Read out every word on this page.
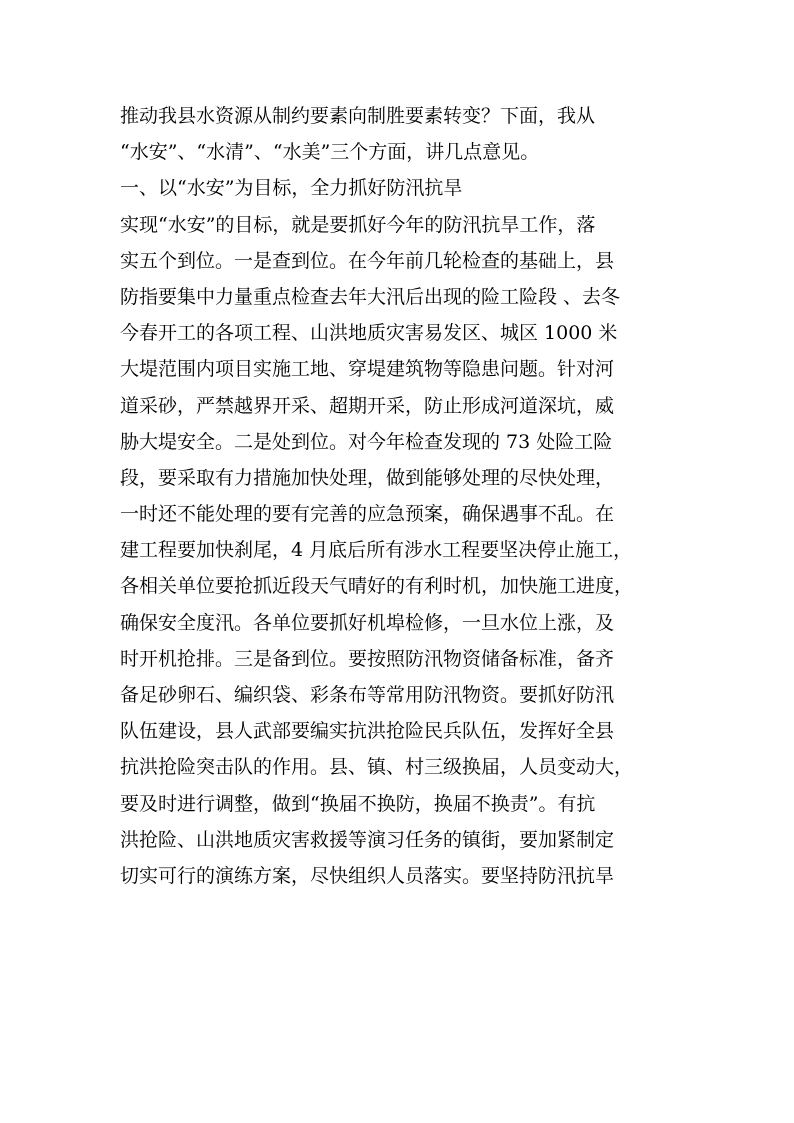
推动我县水资源从制约要素向制胜要素转变？下面，我从
“水安”、“水清”、“水美”三个方面，讲几点意见。
一、以“水安”为目标，全力抓好防汛抗旱
实现“水安”的目标，就是要抓好今年的防汛抗旱工作，落
实五个到位。一是查到位。在今年前几轮检查的基础上，县
防指要集中力量重点检查去年大汛后出现的险工险段 、去冬
今春开工的各项工程、山洪地质灾害易发区、城区 1000 米
大堤范围内项目实施工地、穿堤建筑物等隐患问题。针对河
道采砂，严禁越界开采、超期开采，防止形成河道深坑，威
胁大堤安全。二是处到位。对今年检查发现的 73 处险工险
段，要采取有力措施加快处理，做到能够处理的尽快处理，
一时还不能处理的要有完善的应急预案，确保遇事不乱。在
建工程要加快刹尾，4 月底后所有涉水工程要坚决停止施工，
各相关单位要抢抓近段天气晴好的有利时机，加快施工进度，
确保安全度汛。各单位要抓好机埠检修，一旦水位上涨，及
时开机抢排。三是备到位。要按照防汛物资储备标准，备齐
备足砂卵石、编织袋、彩条布等常用防汛物资。要抓好防汛
队伍建设，县人武部要编实抗洪抢险民兵队伍，发挥好全县
抗洪抢险突击队的作用。县、镇、村三级换届，人员变动大，
要及时进行调整，做到“换届不换防，换届不换责”。有抗
洪抢险、山洪地质灾害救援等演习任务的镇街，要加紧制定
切实可行的演练方案，尽快组织人员落实。要坚持防汛抗旱
